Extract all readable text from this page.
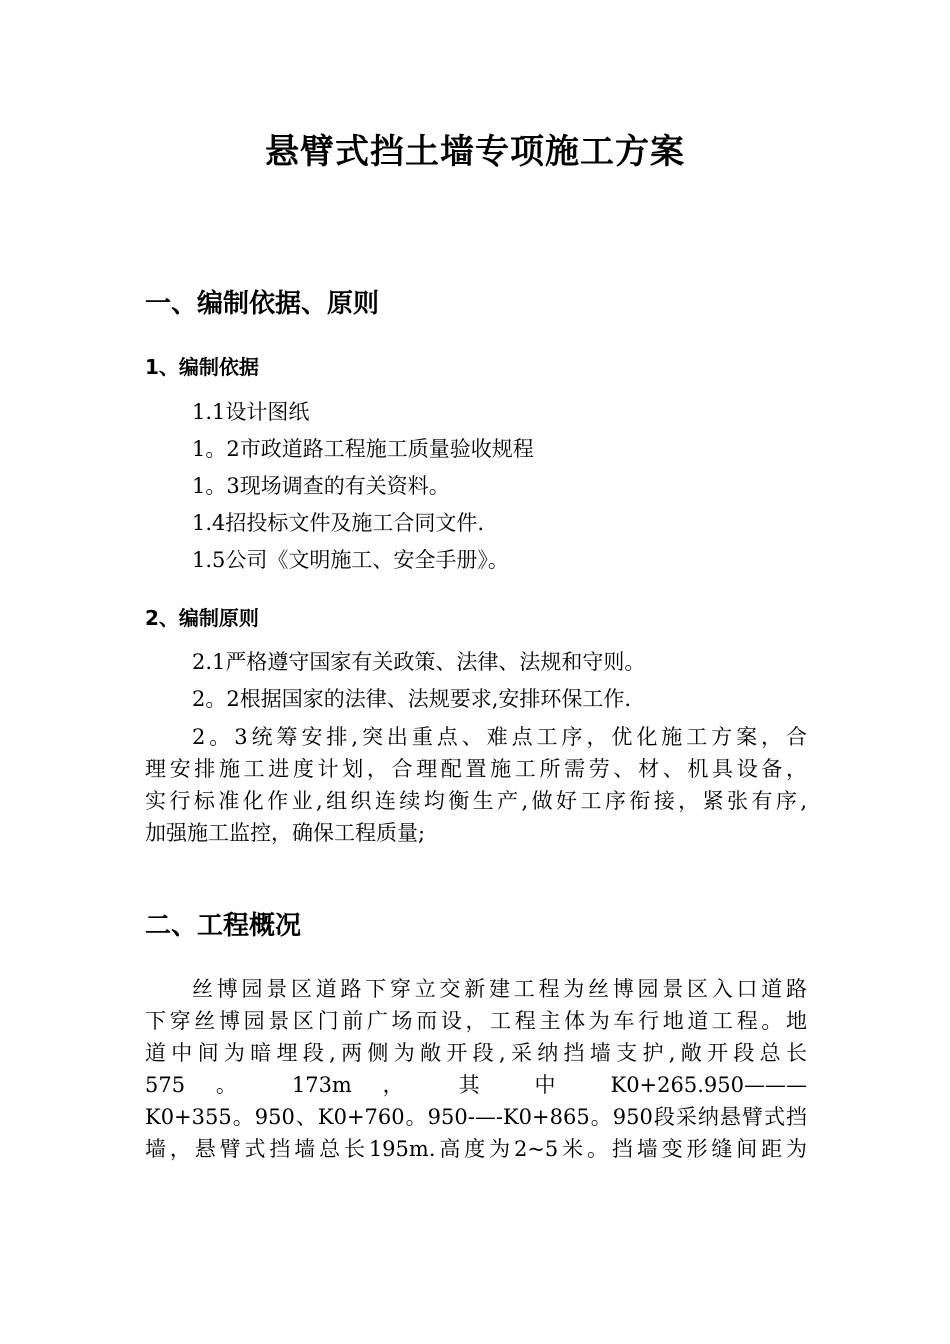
悬臂式挡土墙专项施工方案
一、编制依据、原则
1、编制依据
1.1设计图纸
1。2市政道路工程施工质量验收规程
1。3现场调查的有关资料。
1.4招投标文件及施工合同文件.
1.5公司《文明施工、安全手册》。
2、编制原则
2.1严格遵守国家有关政策、法律、法规和守则。
2。2根据国家的法律、法规要求,安排环保工作.
2。3统筹安排,突出重点、难点工序，优化施工方案，合
理安排施工进度计划，合理配置施工所需劳、材、机具设备，
实行标准化作业,组织连续均衡生产,做好工序衔接，紧张有序,
加强施工监控，确保工程质量;
二、工程概况
丝博园景区道路下穿立交新建工程为丝博园景区入口道路
下穿丝博园景区门前广场而设，工程主体为车行地道工程。地
道中间为暗埋段,两侧为敞开段,采纳挡墙支护,敞开段总长
575 。 173m ， 其 中 K0+265.950———
K0+355。950、K0+760。950-—-K0+865。950段采纳悬臂式挡
墙，悬臂式挡墙总长195m.高度为2~5米。挡墙变形缝间距为
